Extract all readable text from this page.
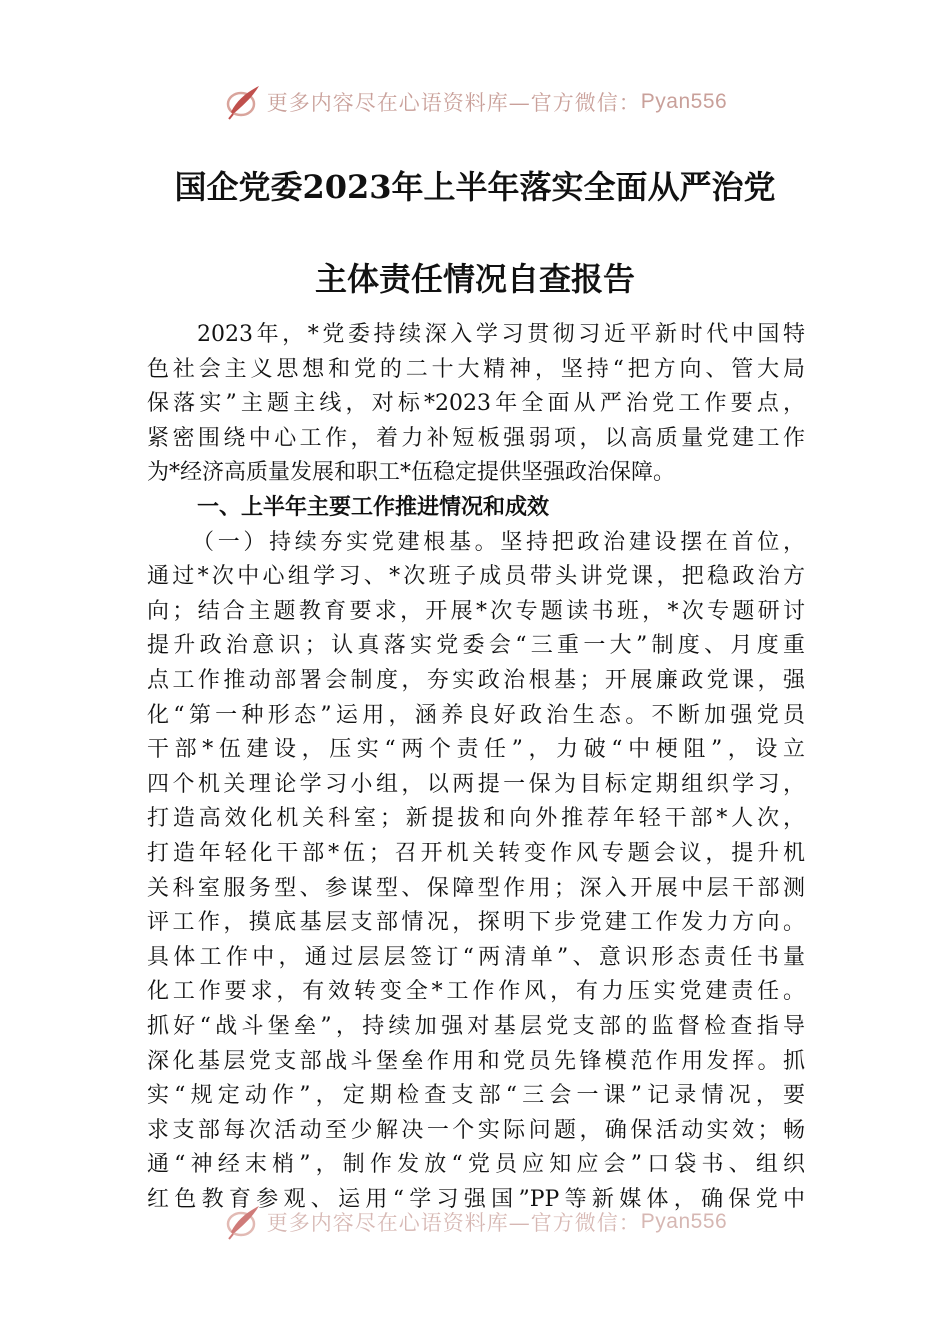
更多内容尽在心语资料库—官方微信： Pyan556
国企党委2023年上半年落实全面从严治党
主体责任情况自查报告
2023年，*党委持续深入学习贯彻习近平新时代中国特
色社会主义思想和党的二十大精神，坚持“把方向、管大局
保落实”主题主线，对标*2023年全面从严治党工作要点，
紧密围绕中心工作，着力补短板强弱项，以高质量党建工作
为*经济高质量发展和职工*伍稳定提供坚强政治保障。
一、上半年主要工作推进情况和成效
（一）持续夯实党建根基。坚持把政治建设摆在首位，
通过*次中心组学习、*次班子成员带头讲党课，把稳政治方
向；结合主题教育要求，开展*次专题读书班，*次专题研讨
提升政治意识；认真落实党委会“三重一大”制度、月度重
点工作推动部署会制度，夯实政治根基；开展廉政党课，强
化“第一种形态”运用，涵养良好政治生态。不断加强党员
干部*伍建设，压实“两个责任”，力破“中梗阻”，设立
四个机关理论学习小组，以两提一保为目标定期组织学习，
打造高效化机关科室；新提拔和向外推荐年轻干部*人次，
打造年轻化干部*伍；召开机关转变作风专题会议，提升机
关科室服务型、参谋型、保障型作用；深入开展中层干部测
评工作，摸底基层支部情况，探明下步党建工作发力方向。
具体工作中，通过层层签订“两清单”、意识形态责任书量
化工作要求，有效转变全*工作作风，有力压实党建责任。
抓好“战斗堡垒”，持续加强对基层党支部的监督检查指导
深化基层党支部战斗堡垒作用和党员先锋模范作用发挥。抓
实“规定动作”，定期检查支部“三会一课”记录情况，要
求支部每次活动至少解决一个实际问题，确保活动实效；畅
通“神经末梢”，制作发放“党员应知应会”口袋书、组织
红色教育参观、运用“学习强国”PP等新媒体，确保党中
更多内容尽在心语资料库—官方微信： Pyan556
